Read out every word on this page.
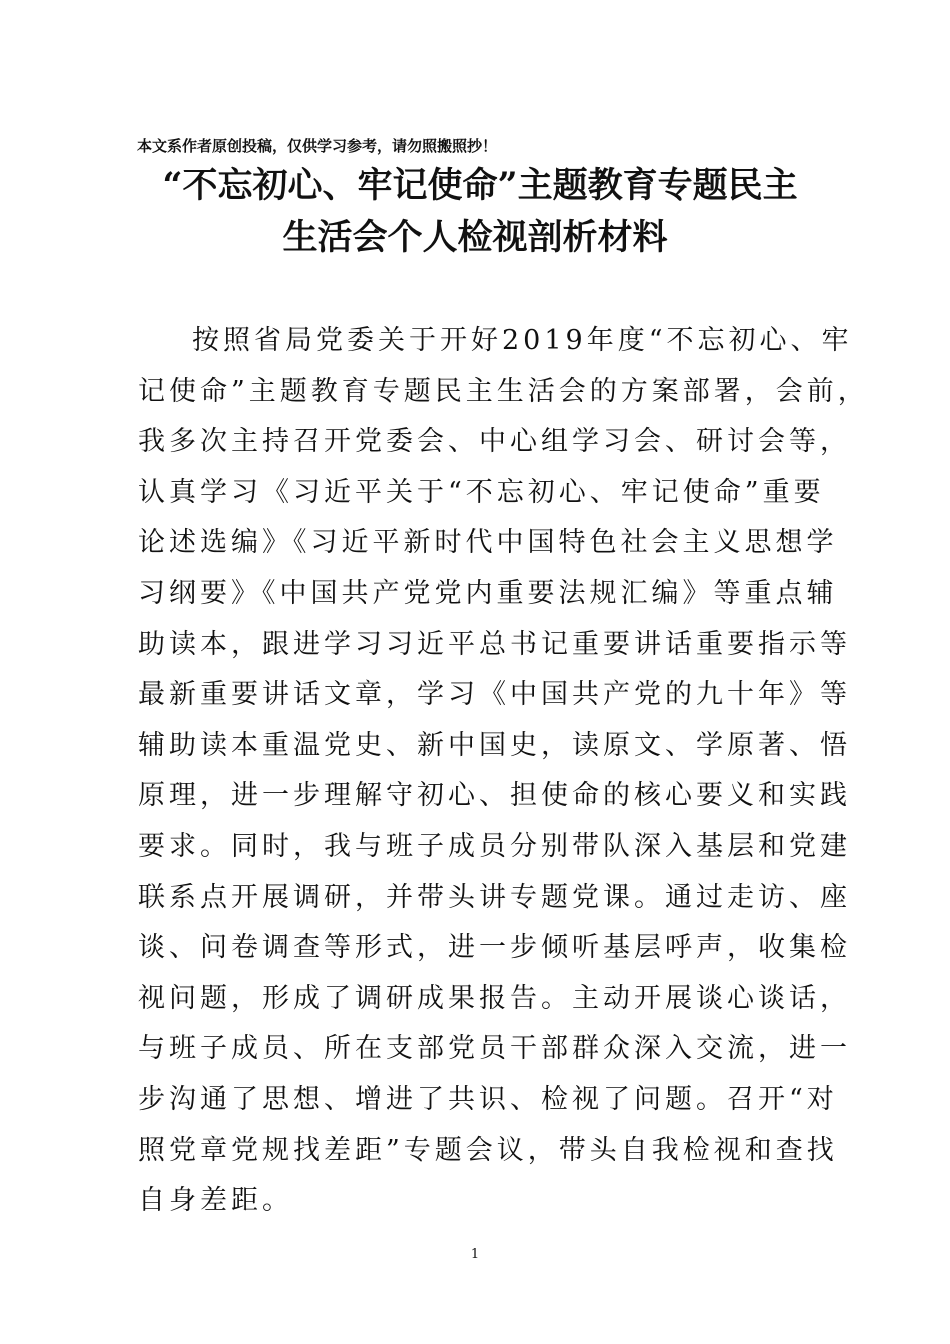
本文系作者原创投稿，仅供学习参考，请勿照搬照抄！
“不忘初心、牢记使命”主题教育专题民主
生活会个人检视剖析材料
按照省局党委关于开好2019年度“不忘初心、牢
记使命”主题教育专题民主生活会的方案部署，会前，
我多次主持召开党委会、中心组学习会、研讨会等，
认真学习《习近平关于“不忘初心、牢记使命”重要
论述选编》《习近平新时代中国特色社会主义思想学
习纲要》《中国共产党党内重要法规汇编》等重点辅
助读本，跟进学习习近平总书记重要讲话重要指示等
最新重要讲话文章，学习《中国共产党的九十年》等
辅助读本重温党史、新中国史，读原文、学原著、悟
原理，进一步理解守初心、担使命的核心要义和实践
要求。同时，我与班子成员分别带队深入基层和党建
联系点开展调研，并带头讲专题党课。通过走访、座
谈、问卷调查等形式，进一步倾听基层呼声，收集检
视问题，形成了调研成果报告。主动开展谈心谈话，
与班子成员、所在支部党员干部群众深入交流，进一
步沟通了思想、增进了共识、检视了问题。召开“对
照党章党规找差距”专题会议，带头自我检视和查找
自身差距。
1
